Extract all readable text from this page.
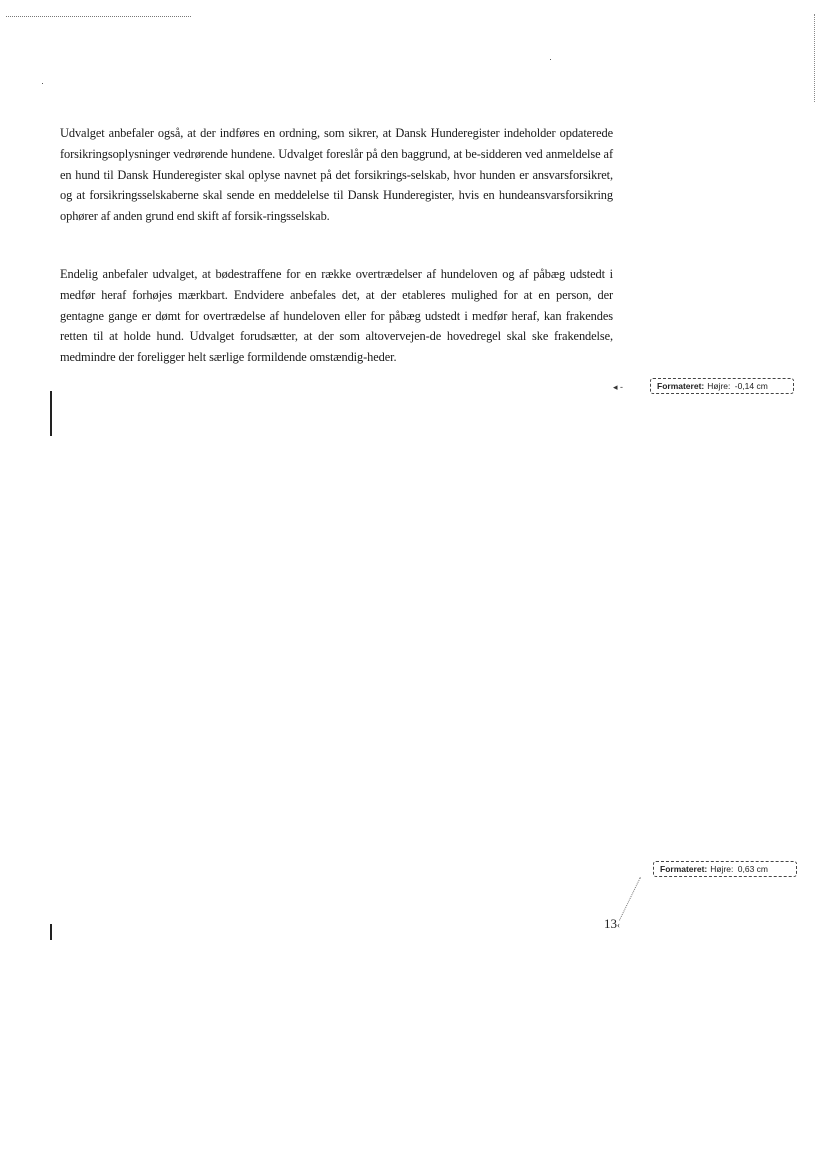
Udvalget anbefaler også, at der indføres en ordning, som sikrer, at Dansk Hunderegister indeholder opdaterede forsikringsoplysninger vedrørende hundene. Udvalget foreslår på den baggrund, at be-sidderen ved anmeldelse af en hund til Dansk Hunderegister skal oplyse navnet på det forsikrings-selskab, hvor hunden er ansvarsforsikret, og at forsikringsselskaberne skal sende en meddelelse til Dansk Hunderegister, hvis en hundeansvarsforsikring ophører af anden grund end skift af forsik-ringsselskab.

Endelig anbefaler udvalget, at bødestraffene for en række overtrædelser af hundeloven og af påbæg udstedt i medfør heraf forhøjes mærkbart. Endvidere anbefales det, at der etableres mulighed for at en person, der gentagne gange er dømt for overtrædelse af hundeloven eller for påbæg udstedt i medfør heraf, kan frakendes retten til at holde hund. Udvalget forudsætter, at der som altovervejen-de hovedregel skal ske frakendelse, medmindre der foreligger helt særlige formildende omstændig-heder.

◂ -	Formateret: Højre: -0,14 cm
Formateret: Højre: 0,63 cm
13‹
